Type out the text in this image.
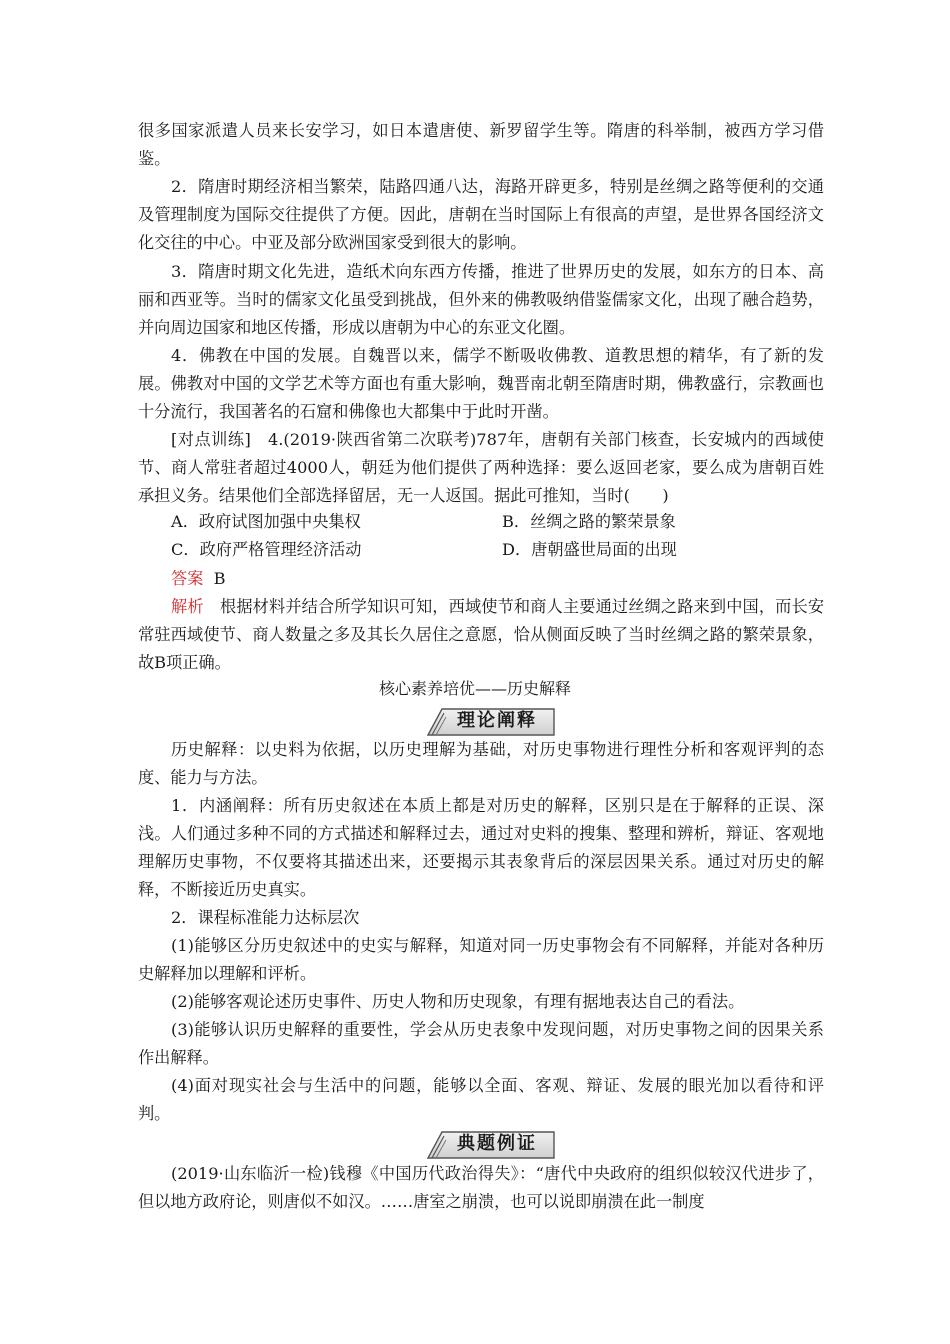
很多国家派遣人员来长安学习，如日本遣唐使、新罗留学生等。隋唐的科举制，被西方学习借鉴。

2．隋唐时期经济相当繁荣，陆路四通八达，海路开辟更多，特别是丝绸之路等便利的交通及管理制度为国际交往提供了方便。因此，唐朝在当时国际上有很高的声望，是世界各国经济文化交往的中心。中亚及部分欧洲国家受到很大的影响。

3．隋唐时期文化先进，造纸术向东西方传播，推进了世界历史的发展，如东方的日本、高丽和西亚等。当时的儒家文化虽受到挑战，但外来的佛教吸纳借鉴儒家文化，出现了融合趋势，并向周边国家和地区传播，形成以唐朝为中心的东亚文化圈。

4．佛教在中国的发展。自魏晋以来，儒学不断吸收佛教、道教思想的精华，有了新的发展。佛教对中国的文学艺术等方面也有重大影响，魏晋南北朝至隋唐时期，佛教盛行，宗教画也十分流行，我国著名的石窟和佛像也大都集中于此时开凿。

[对点训练]　4.(2019·陕西省第二次联考)787年，唐朝有关部门核查，长安城内的西域使节、商人常驻者超过4000人，朝廷为他们提供了两种选择：要么返回老家，要么成为唐朝百姓承担义务。结果他们全部选择留居，无一人返国。据此可推知，当时(　　)

A．政府试图加强中央集权	B．丝绸之路的繁荣景象
C．政府严格管理经济活动	D．唐朝盛世局面的出现
答案 B

解析　 根据材料并结合所学知识可知，西域使节和商人主要通过丝绸之路来到中国，而长安常驻西域使节、商人数量之多及其长久居住之意愿，恰从侧面反映了当时丝绸之路的繁荣景象，故B项正确。

核心素养培优——历史解释
理论阐释

历史解释：以史料为依据，以历史理解为基础，对历史事物进行理性分析和客观评判的态度、能力与方法。

1．内涵阐释：所有历史叙述在本质上都是对历史的解释，区别只是在于解释的正误、深浅。人们通过多种不同的方式描述和解释过去，通过对史料的搜集、整理和辨析，辩证、客观地理解历史事物，不仅要将其描述出来，还要揭示其表象背后的深层因果关系。通过对历史的解释，不断接近历史真实。

2．课程标准能力达标层次

(1)能够区分历史叙述中的史实与解释，知道对同一历史事物会有不同解释，并能对各种历史解释加以理解和评析。

(2)能够客观论述历史事件、历史人物和历史现象，有理有据地表达自己的看法。

(3)能够认识历史解释的重要性，学会从历史表象中发现问题，对历史事物之间的因果关系作出解释。

(4)面对现实社会与生活中的问题，能够以全面、客观、辩证、发展的眼光加以看待和评判。

典题例证

(2019·山东临沂一检)钱穆《中国历代政治得失》：“唐代中央政府的组织似较汉代进步了，但以地方政府论，则唐似不如汉。……唐室之崩溃，也可以说即崩溃在此一制度
